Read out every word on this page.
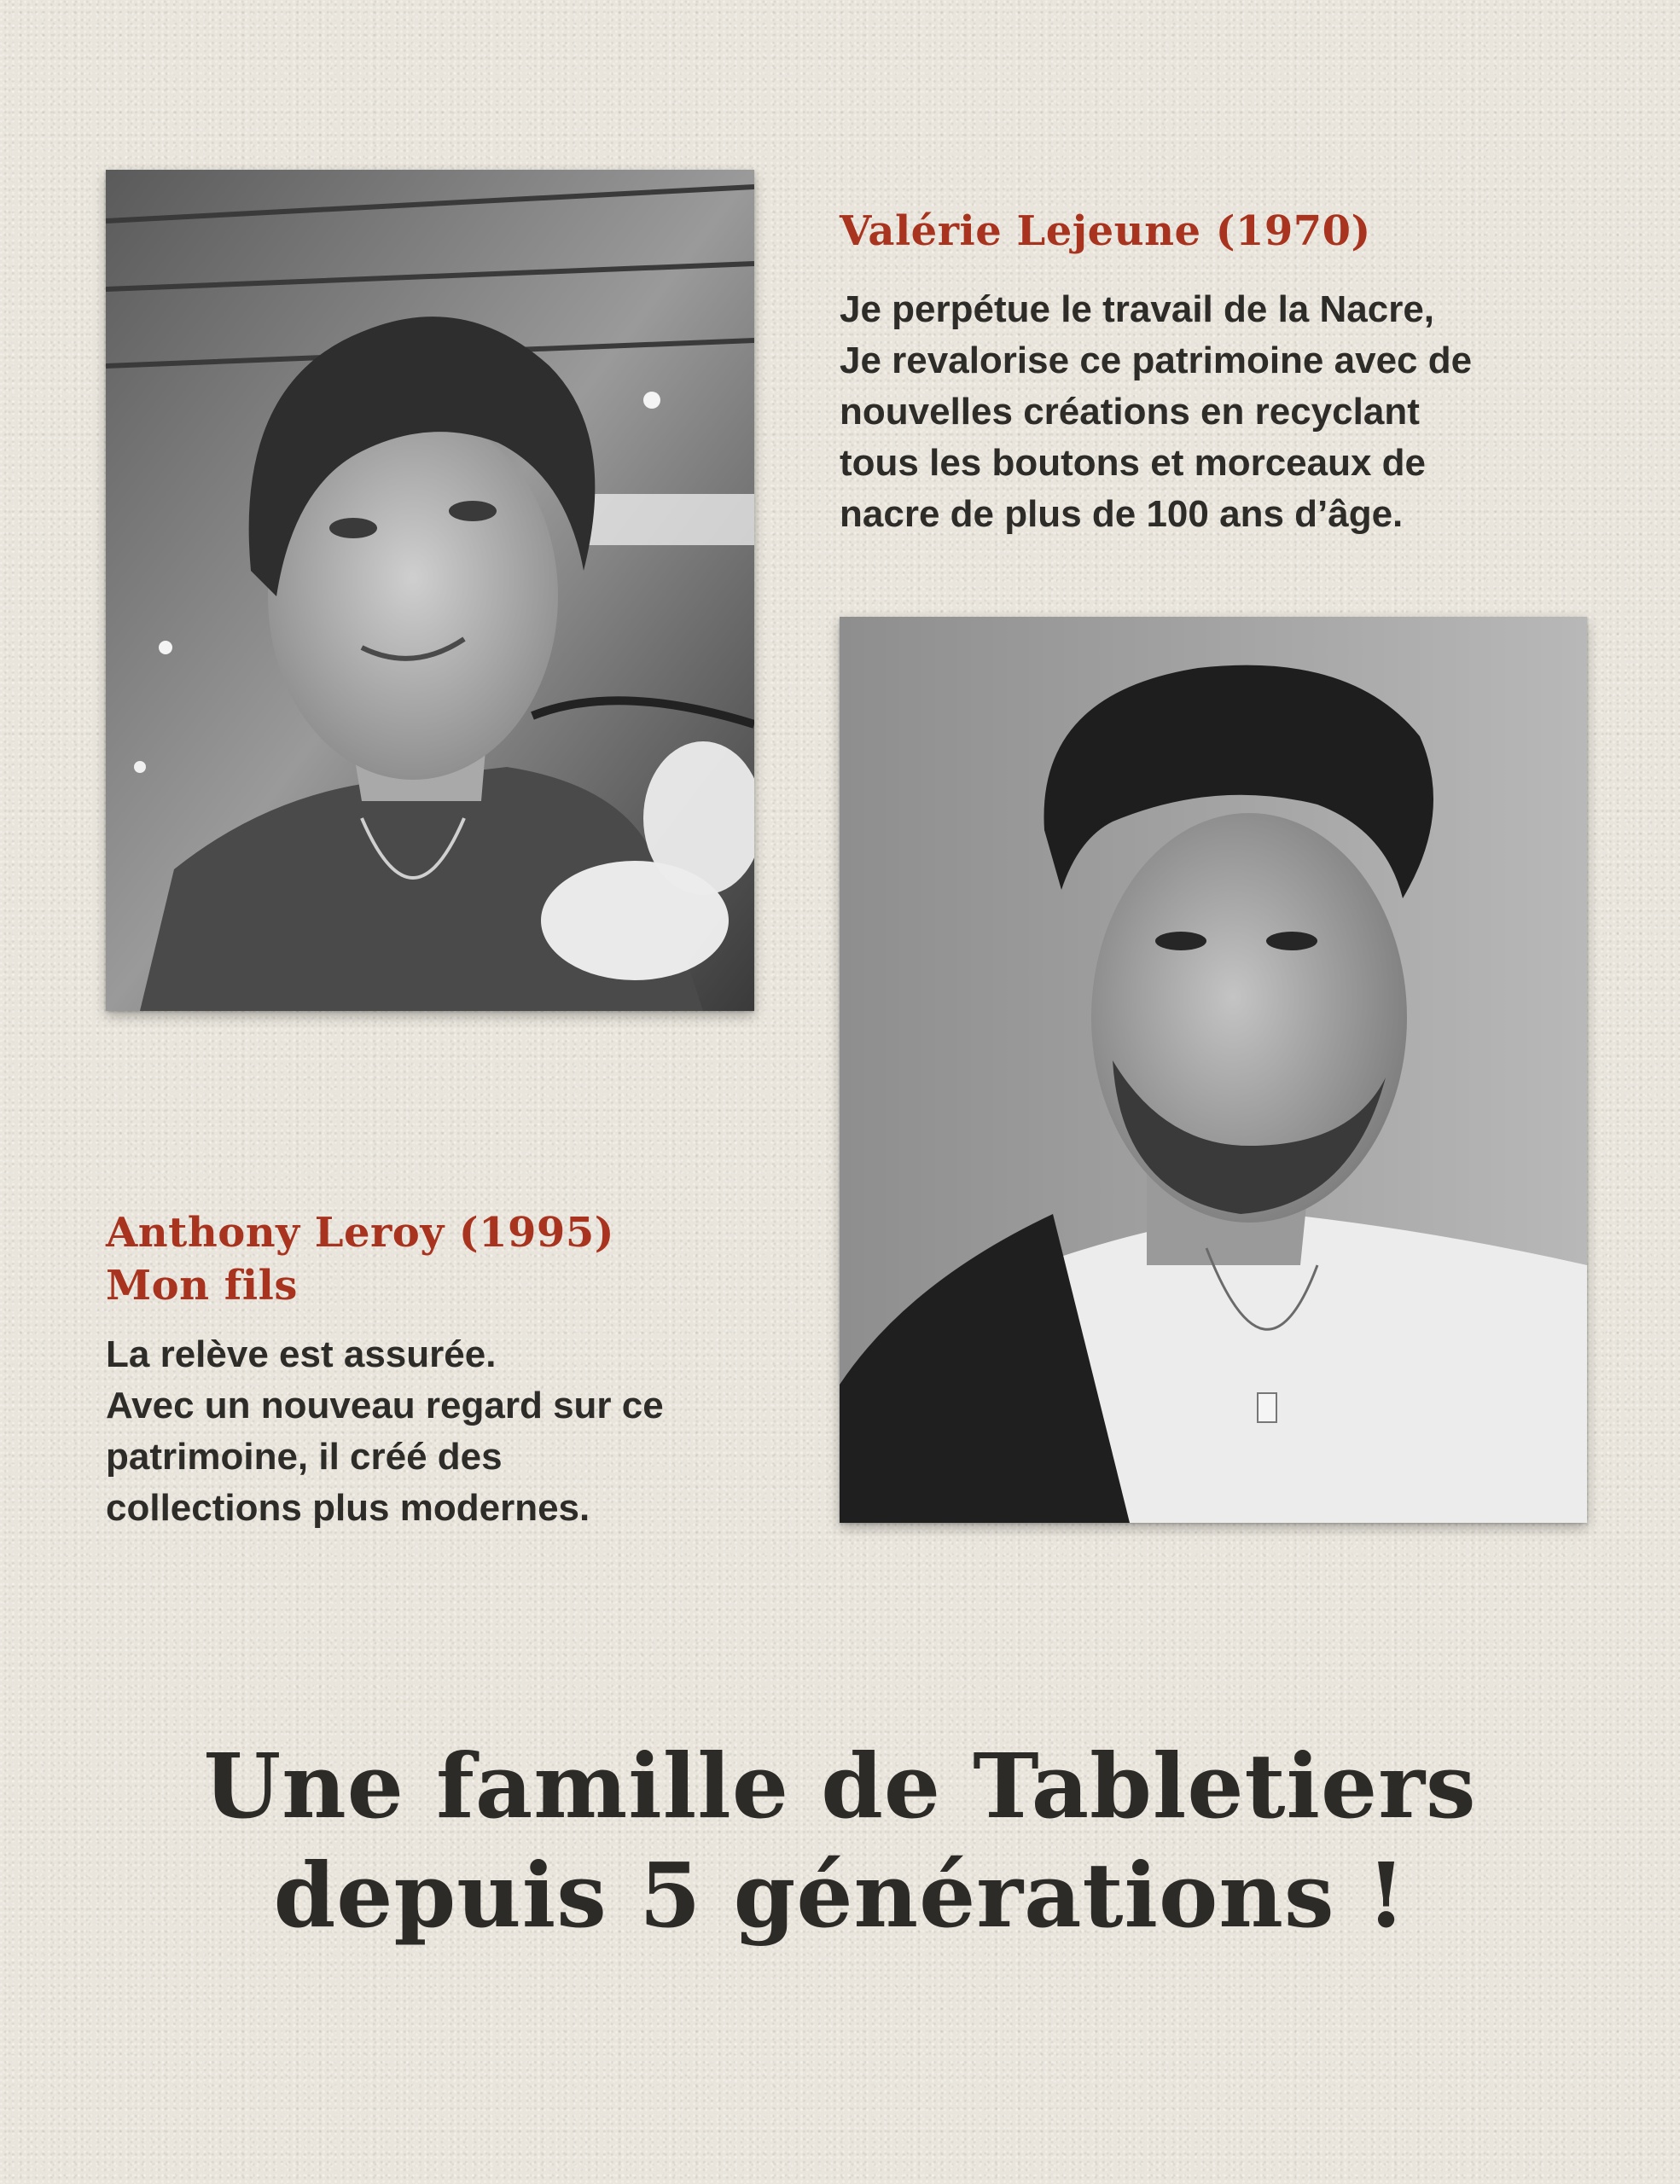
Valérie Lejeune (1970)

Je perpétue le travail de la Nacre,
Je revalorise ce patrimoine avec de
nouvelles créations en recyclant
tous les boutons et morceaux de
nacre de plus de 100 ans d’âge.

Anthony Leroy (1995)
Mon fils

La relève est assurée.
Avec un nouveau regard sur ce
patrimoine, il créé des
collections plus modernes.

Une famille de Tabletiers
depuis 5 générations !
